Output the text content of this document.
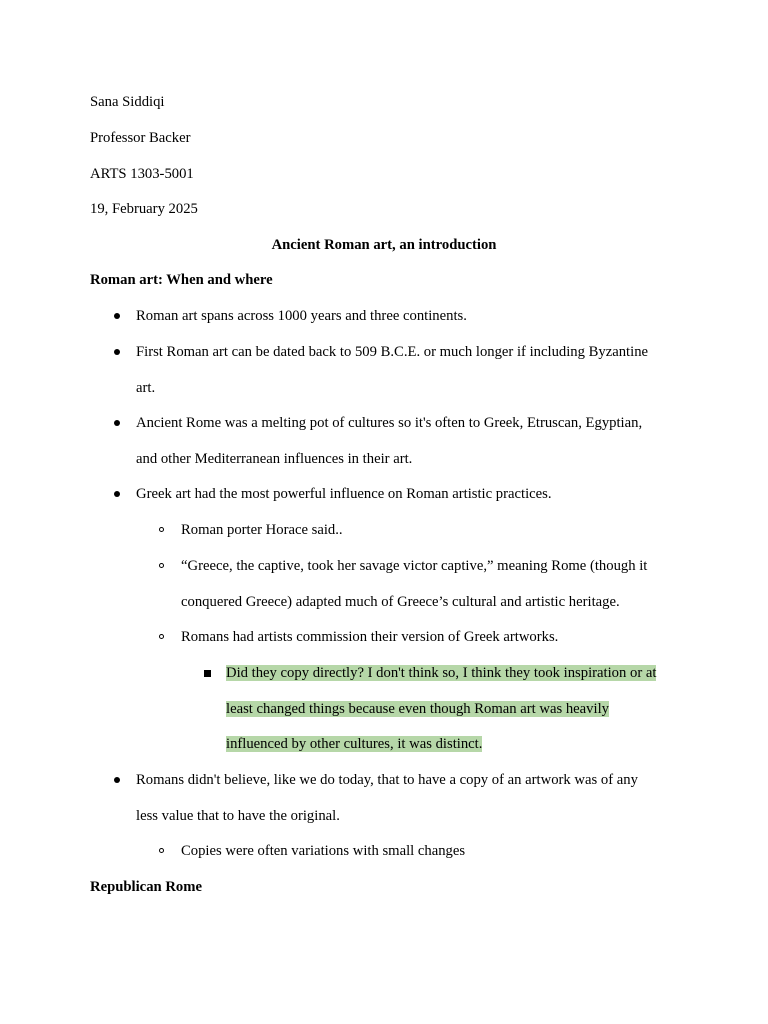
Sana Siddiqi
Professor Backer
ARTS 1303-5001
19, February 2025
Ancient Roman art, an introduction
Roman art: When and where
Roman art spans across 1000 years and three continents.
First Roman art can be dated back to 509 B.C.E. or much longer if including Byzantine
art.
Ancient Rome was a melting pot of cultures so it's often to Greek, Etruscan, Egyptian,
and other Mediterranean influences in their art.
Greek art had the most powerful influence on Roman artistic practices.
Roman porter Horace said..
“Greece, the captive, took her savage victor captive,” meaning Rome (though it
conquered Greece) adapted much of Greece’s cultural and artistic heritage.
Romans had artists commission their version of Greek artworks.
Did they copy directly? I don't think so, I think they took inspiration or at
least changed things because even though Roman art was heavily
influenced by other cultures, it was distinct.
Romans didn't believe, like we do today, that to have a copy of an artwork was of any
less value that to have the original.
Copies were often variations with small changes
Republican Rome
